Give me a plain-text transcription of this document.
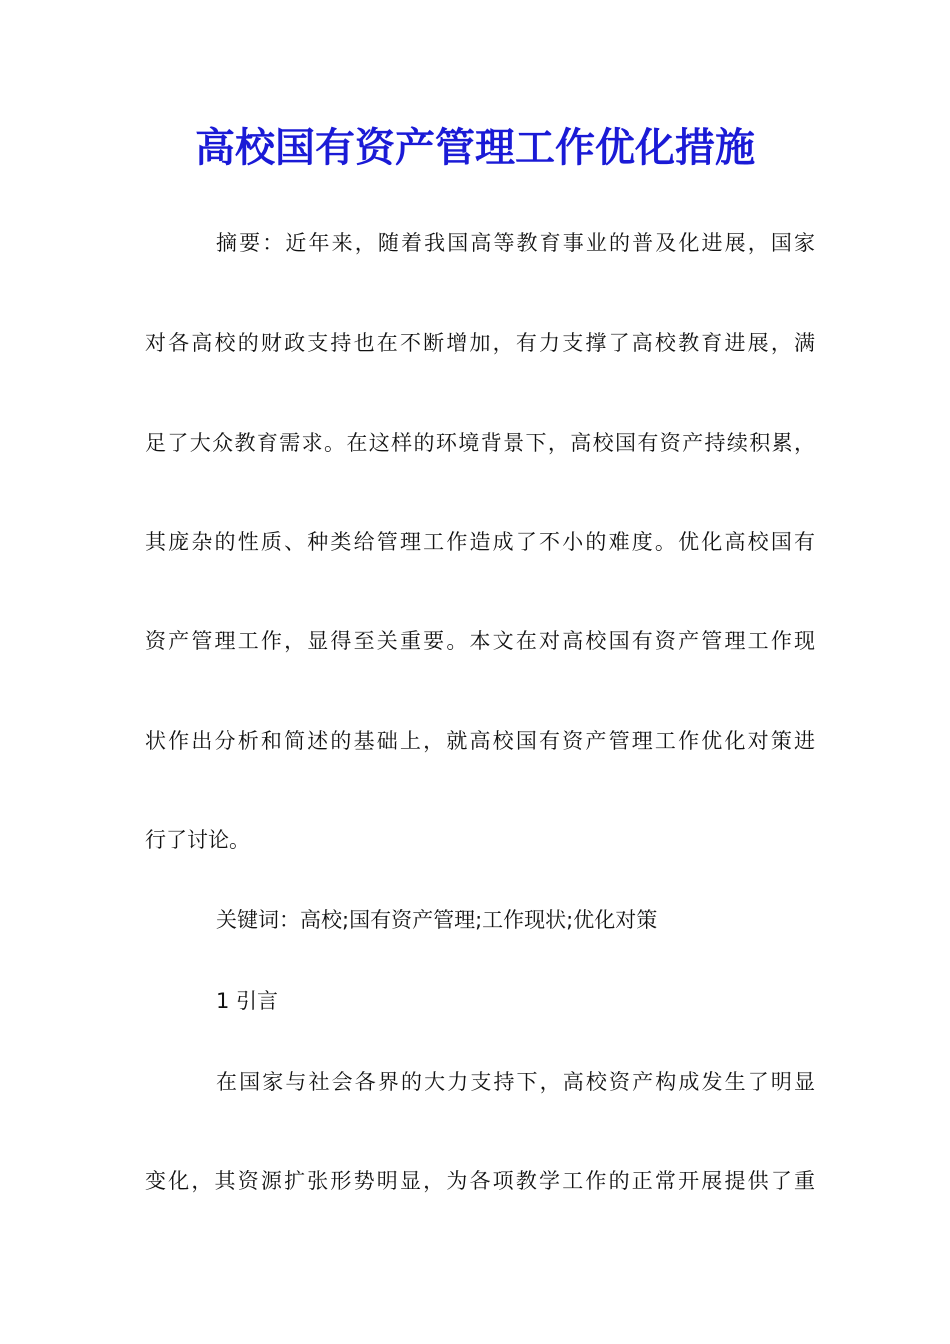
高校国有资产管理工作优化措施
摘要：近年来，随着我国高等教育事业的普及化进展，国家
对各高校的财政支持也在不断增加，有力支撑了高校教育进展，满
足了大众教育需求。在这样的环境背景下，高校国有资产持续积累，
其庞杂的性质、种类给管理工作造成了不小的难度。优化高校国有
资产管理工作，显得至关重要。本文在对高校国有资产管理工作现
状作出分析和简述的基础上，就高校国有资产管理工作优化对策进
行了讨论。
关键词：高校;国有资产管理;工作现状;优化对策
1 引言
在国家与社会各界的大力支持下，高校资产构成发生了明显
变化，其资源扩张形势明显，为各项教学工作的正常开展提供了重
